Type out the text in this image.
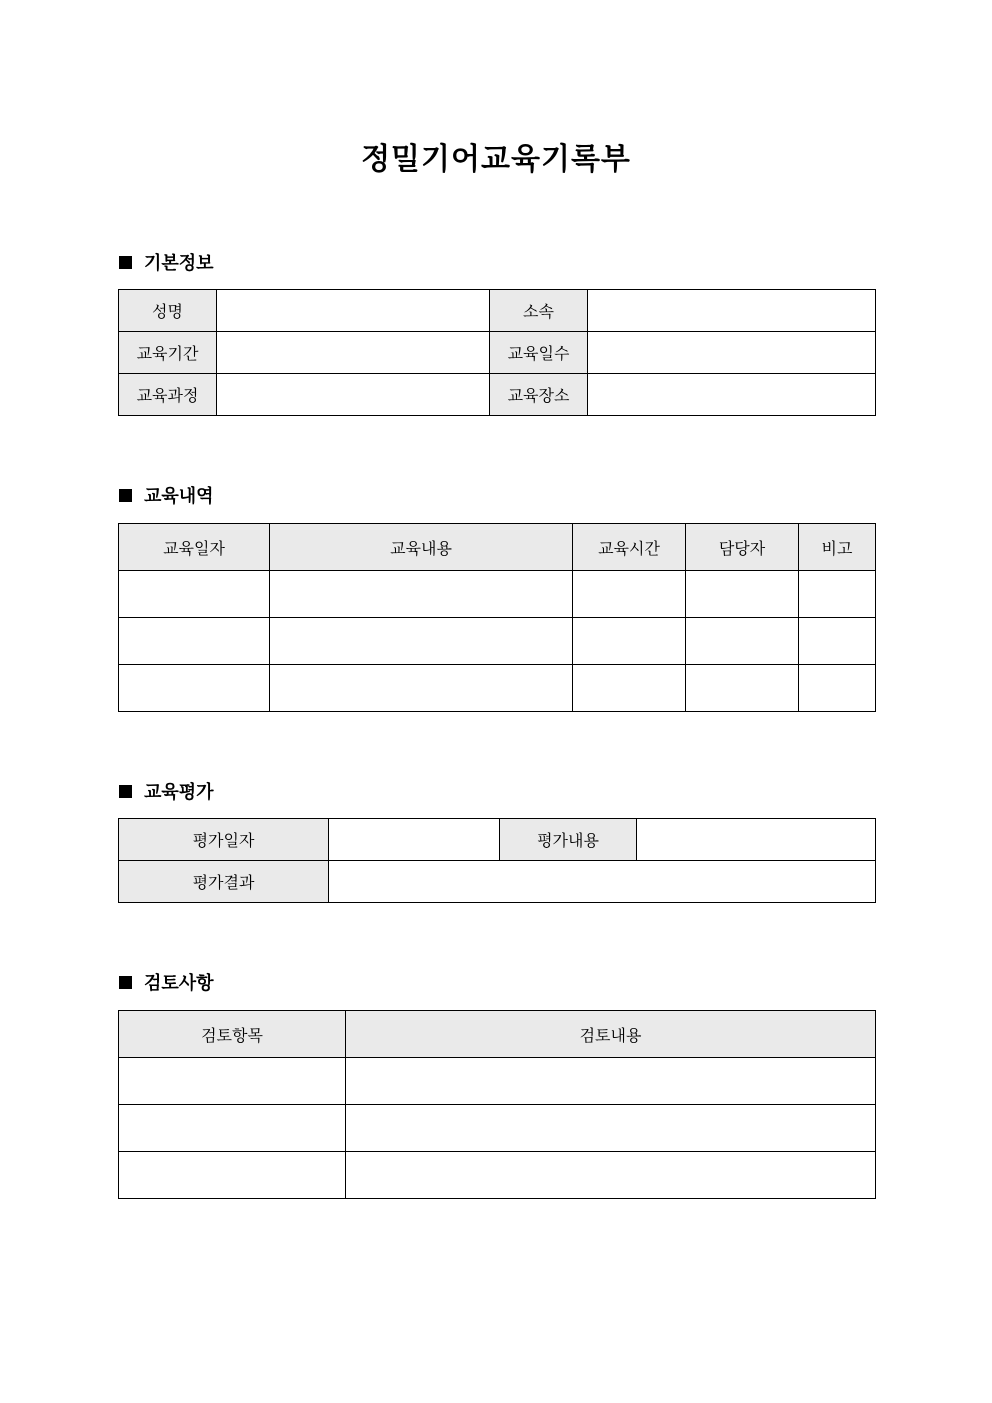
정밀기어교육기록부
기본정보
성명		소속	
교육기간		교육일수	
교육과정		교육장소	
교육내역
교육일자	교육내용	교육시간	담당자	비고

교육평가
평가일자		평가내용	
평가결과			
검토사항
검토항목	검토내용
